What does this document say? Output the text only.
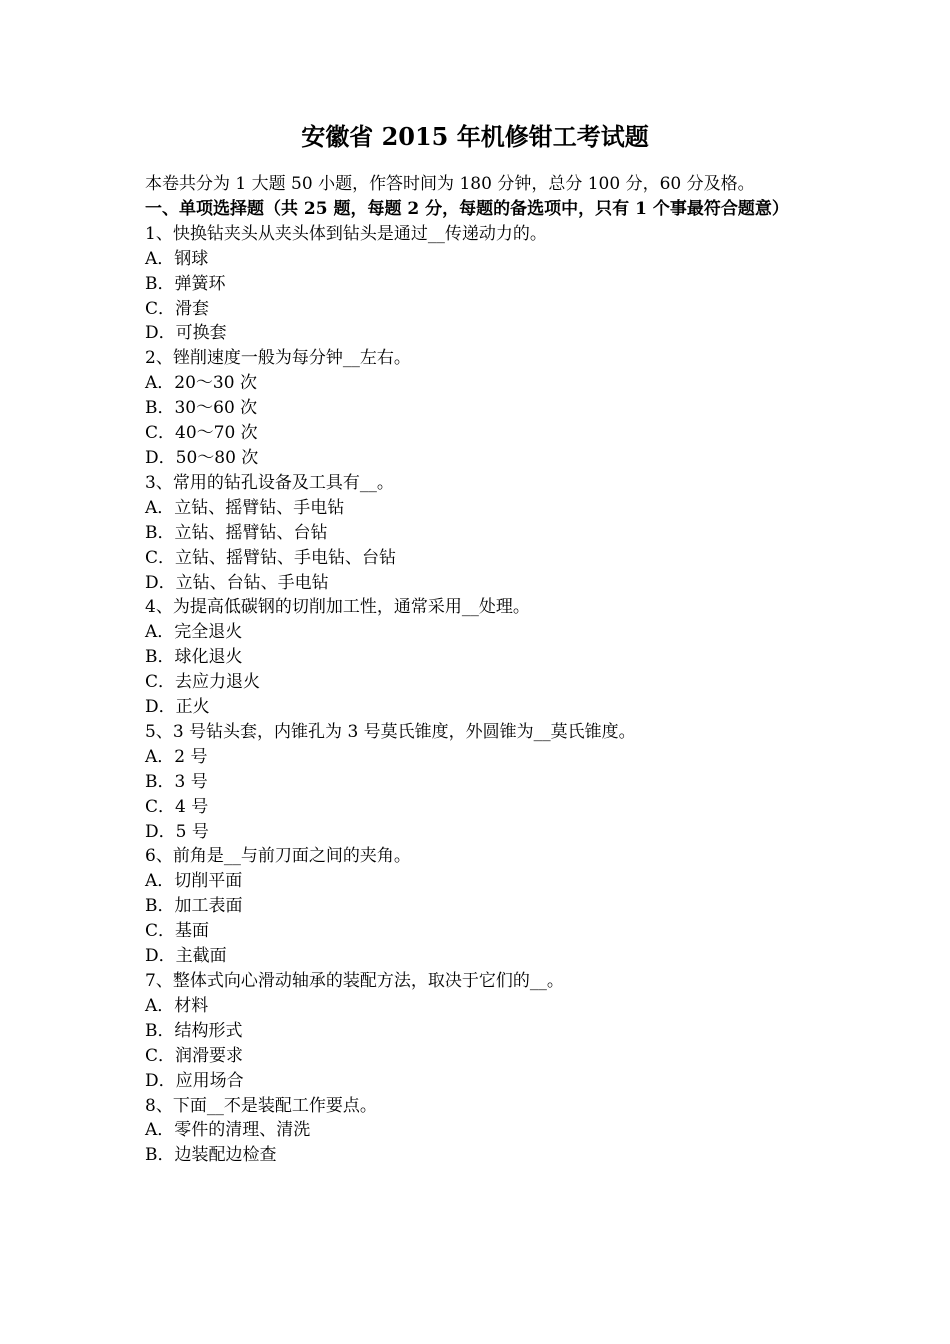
安徽省 2015 年机修钳工考试题
本卷共分为 1 大题 50 小题，作答时间为 180 分钟，总分 100 分，60 分及格。
一、单项选择题（共 25 题，每题 2 分，每题的备选项中，只有 1 个事最符合题意）
1、快换钻夹头从夹头体到钻头是通过__传递动力的。
A．钢球
B．弹簧环
C．滑套
D．可换套
2、锉削速度一般为每分钟__左右。
A．20～30 次
B．30～60 次
C．40～70 次
D．50～80 次
3、常用的钻孔设备及工具有__。
A．立钻、摇臂钻、手电钻
B．立钻、摇臂钻、台钻
C．立钻、摇臂钻、手电钻、台钻
D．立钻、台钻、手电钻
4、为提高低碳钢的切削加工性，通常采用__处理。
A．完全退火
B．球化退火
C．去应力退火
D．正火
5、3 号钻头套，内锥孔为 3 号莫氏锥度，外圆锥为__莫氏锥度。
A．2 号
B．3 号
C．4 号
D．5 号
6、前角是__与前刀面之间的夹角。
A．切削平面
B．加工表面
C．基面
D．主截面
7、整体式向心滑动轴承的装配方法，取决于它们的__。
A．材料
B．结构形式
C．润滑要求
D．应用场合
8、下面__不是装配工作要点。
A．零件的清理、清洗
B．边装配边检查
